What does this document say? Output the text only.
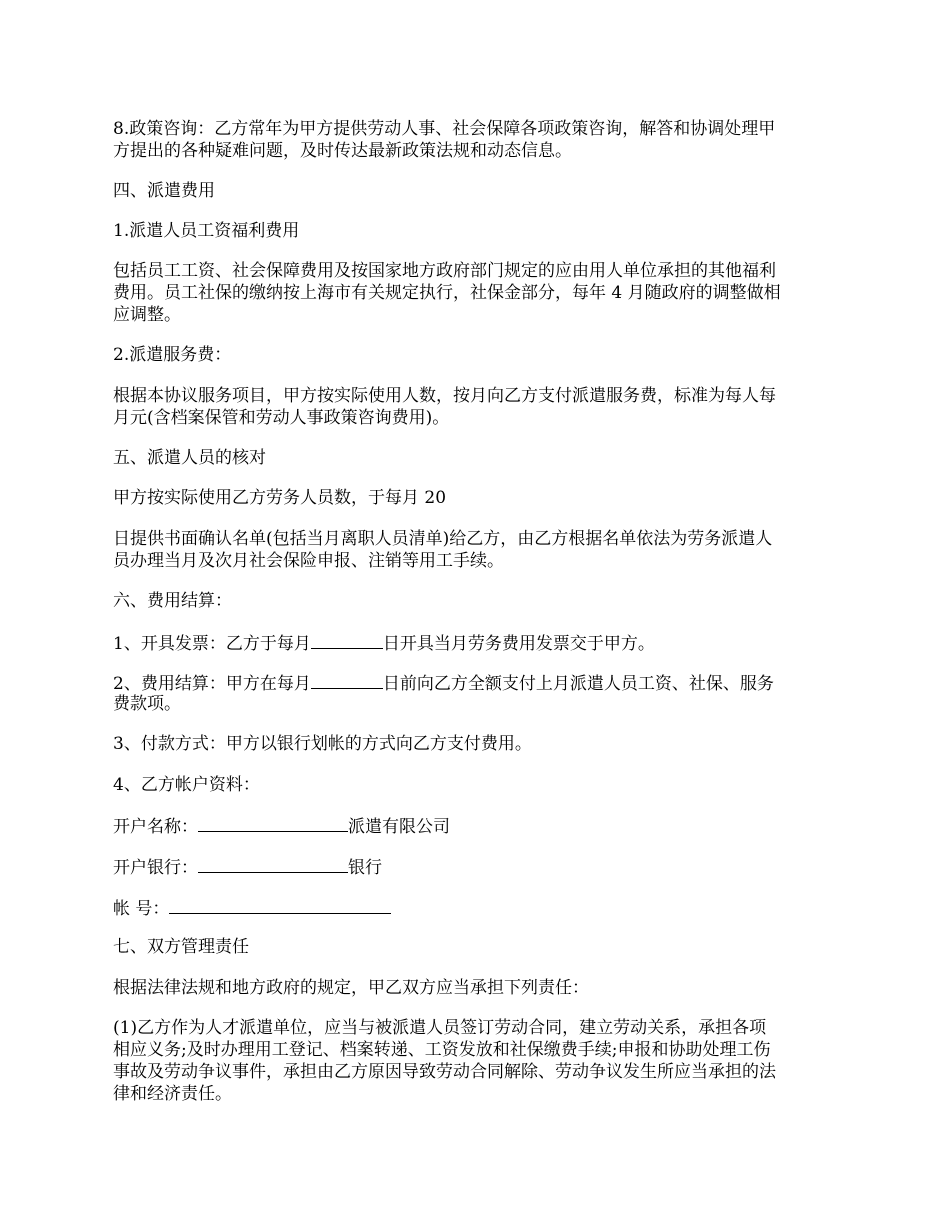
8.政策咨询：乙方常年为甲方提供劳动人事、社会保障各项政策咨询，解答和协调处理甲

方提出的各种疑难问题，及时传达最新政策法规和动态信息。

四、派遣费用

1.派遣人员工资福利费用

包括员工工资、社会保障费用及按国家地方政府部门规定的应由用人单位承担的其他福利

费用。员工社保的缴纳按上海市有关规定执行，社保金部分，每年 4 月随政府的调整做相

应调整。

2.派遣服务费：

根据本协议服务项目，甲方按实际使用人数，按月向乙方支付派遣服务费，标准为每人每

月元(含档案保管和劳动人事政策咨询费用)。

五、派遣人员的核对

甲方按实际使用乙方劳务人员数，于每月 20

日提供书面确认名单(包括当月离职人员清单)给乙方，由乙方根据名单依法为劳务派遣人

员办理当月及次月社会保险申报、注销等用工手续。

六、费用结算：

1、开具发票：乙方于每月	日开具当月劳务费用发票交于甲方。

2、费用结算：甲方在每月	日前向乙方全额支付上月派遣人员工资、社保、服务

费款项。

3、付款方式：甲方以银行划帐的方式向乙方支付费用。

4、乙方帐户资料：

开户名称：	派遣有限公司

开户银行：	银行

帐 号：

七、双方管理责任

根据法律法规和地方政府的规定，甲乙双方应当承担下列责任：

(1)乙方作为人才派遣单位，应当与被派遣人员签订劳动合同，建立劳动关系，承担各项

相应义务;及时办理用工登记、档案转递、工资发放和社保缴费手续;申报和协助处理工伤

事故及劳动争议事件，承担由乙方原因导致劳动合同解除、劳动争议发生所应当承担的法

律和经济责任。
